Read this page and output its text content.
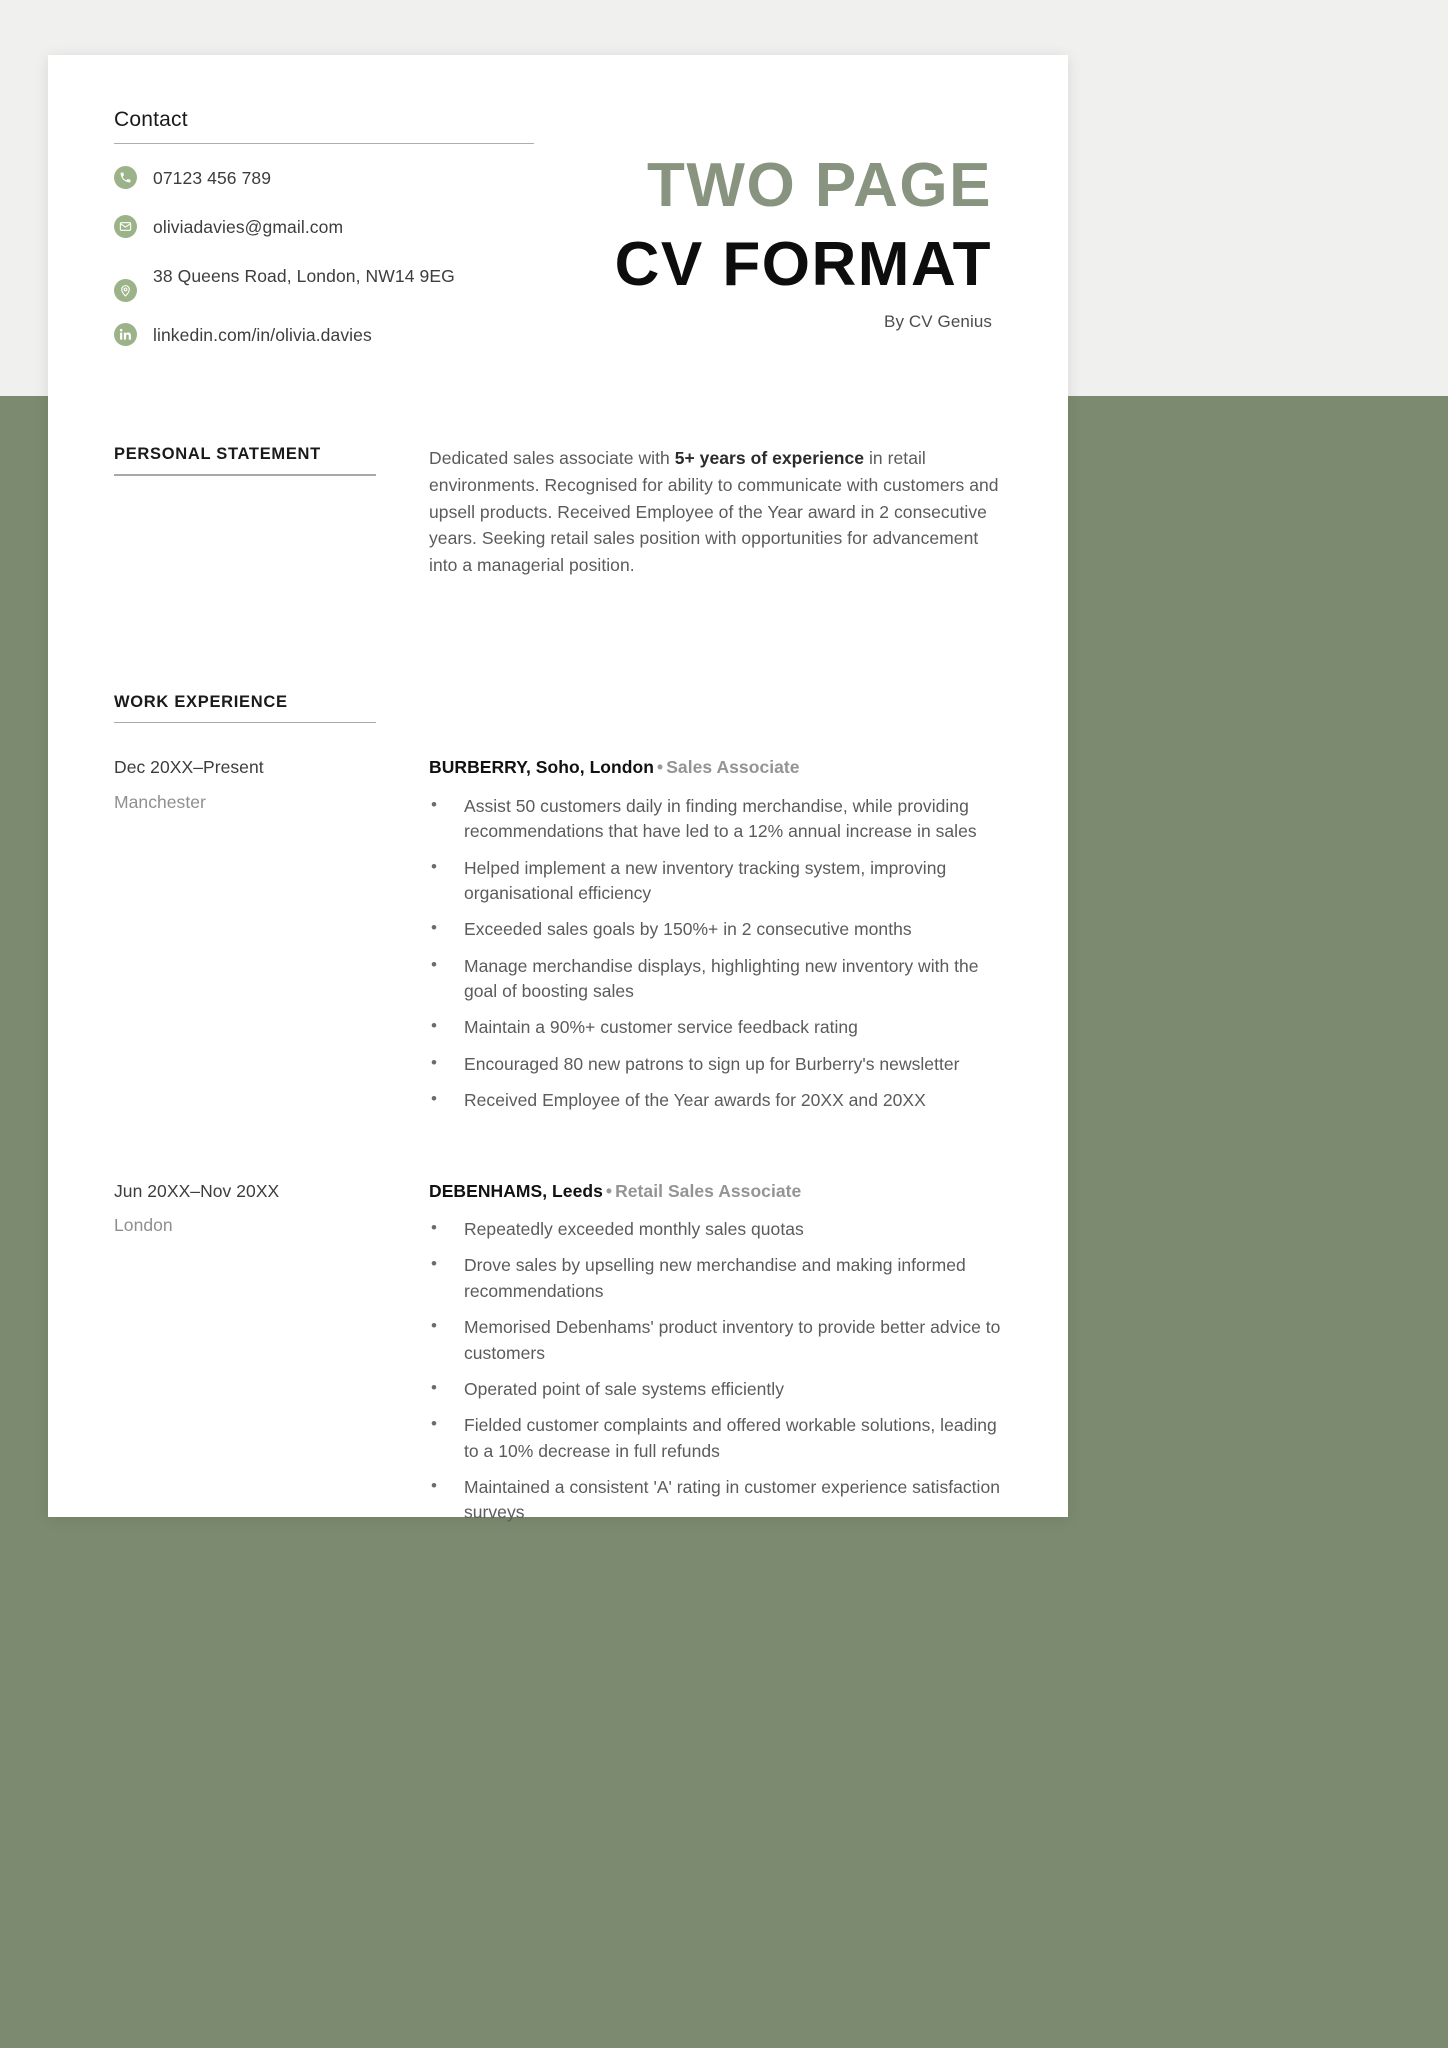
Contact
07123 456 789
oliviadavies@gmail.com
38 Queens Road, London, NW14 9EG
linkedin.com/in/olivia.davies
TWO PAGE
CV FORMAT
By CV Genius
PERSONAL STATEMENT	Dedicated sales associate with 5+ years of experience in retail environments. Recognised for ability to communicate with customers and upsell products. Received Employee of the Year award in 2 consecutive years. Seeking retail sales position with opportunities for advancement into a managerial position.

WORK EXPERIENCE
Dec 20XX–Present
Manchester
BURBERRY, Soho, London • Sales Associate
• Assist 50 customers daily in finding merchandise, while providing recommendations that have led to a 12% annual increase in sales
• Helped implement a new inventory tracking system, improving organisational efficiency
• Exceeded sales goals by 150%+ in 2 consecutive months
• Manage merchandise displays, highlighting new inventory with the goal of boosting sales
• Maintain a 90%+ customer service feedback rating
• Encouraged 80 new patrons to sign up for Burberry's newsletter
• Received Employee of the Year awards for 20XX and 20XX
Jun 20XX–Nov 20XX
London
DEBENHAMS, Leeds • Retail Sales Associate
• Repeatedly exceeded monthly sales quotas
• Drove sales by upselling new merchandise and making informed recommendations
• Memorised Debenhams' product inventory to provide better advice to customers
• Operated point of sale systems efficiently
• Fielded customer complaints and offered workable solutions, leading to a 10% decrease in full refunds
• Maintained a consistent 'A' rating in customer experience satisfaction surveys
